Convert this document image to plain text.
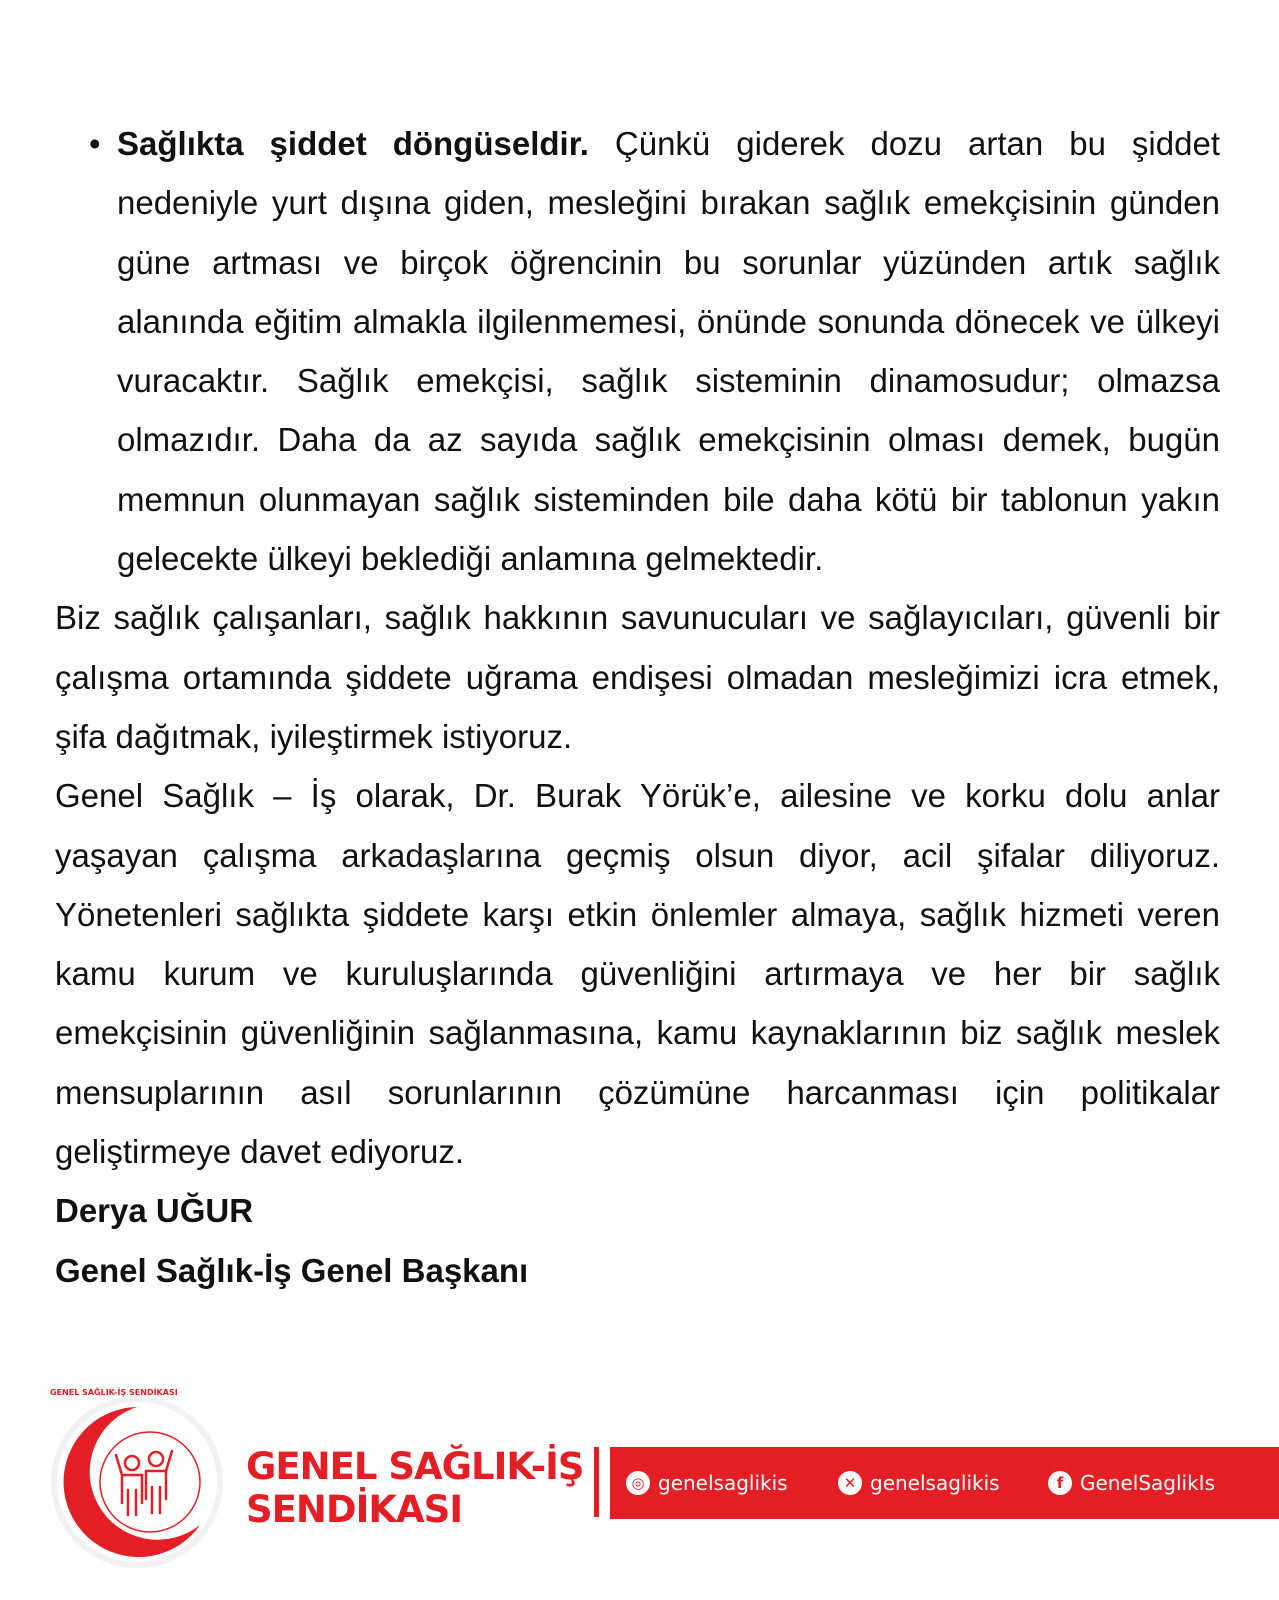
• Sağlıkta şiddet döngüseldir. Çünkü giderek dozu artan bu şiddet nedeniyle yurt dışına giden, mesleğini bırakan sağlık emekçisinin günden güne artması ve birçok öğrencinin bu sorunlar yüzünden artık sağlık alanında eğitim almakla ilgilenmemesi, önünde sonunda dönecek ve ülkeyi vuracaktır. Sağlık emekçisi, sağlık sisteminin dinamosudur; olmazsa olmazıdır. Daha da az sayıda sağlık emekçisinin olması demek, bugün memnun olunmayan sağlık sisteminden bile daha kötü bir tablonun yakın gelecekte ülkeyi beklediği anlamına gelmektedir.

Biz sağlık çalışanları, sağlık hakkının savunucuları ve sağlayıcıları, güvenli bir çalışma ortamında şiddete uğrama endişesi olmadan mesleğimizi icra etmek, şifa dağıtmak, iyileştirmek istiyoruz.

Genel Sağlık – İş olarak, Dr. Burak Yörük’e, ailesine ve korku dolu anlar yaşayan çalışma arkadaşlarına geçmiş olsun diyor, acil şifalar diliyoruz. Yönetenleri sağlıkta şiddete karşı etkin önlemler almaya, sağlık hizmeti veren kamu kurum ve kuruluşlarında güvenliğini artırmaya ve her bir sağlık emekçisinin güvenliğinin sağlanmasına, kamu kaynaklarının biz sağlık meslek mensuplarının asıl sorunlarının çözümüne harcanması için politikalar geliştirmeye davet ediyoruz.

Derya UĞUR

Genel Sağlık-İş Genel Başkanı

GENEL SAĞLIK-İŞ SENDİKASI
GENEL SAĞLIK-İŞ
SENDİKASI
◎ genelsaglikis	✕ genelsaglikis	f GenelSaglikIs
